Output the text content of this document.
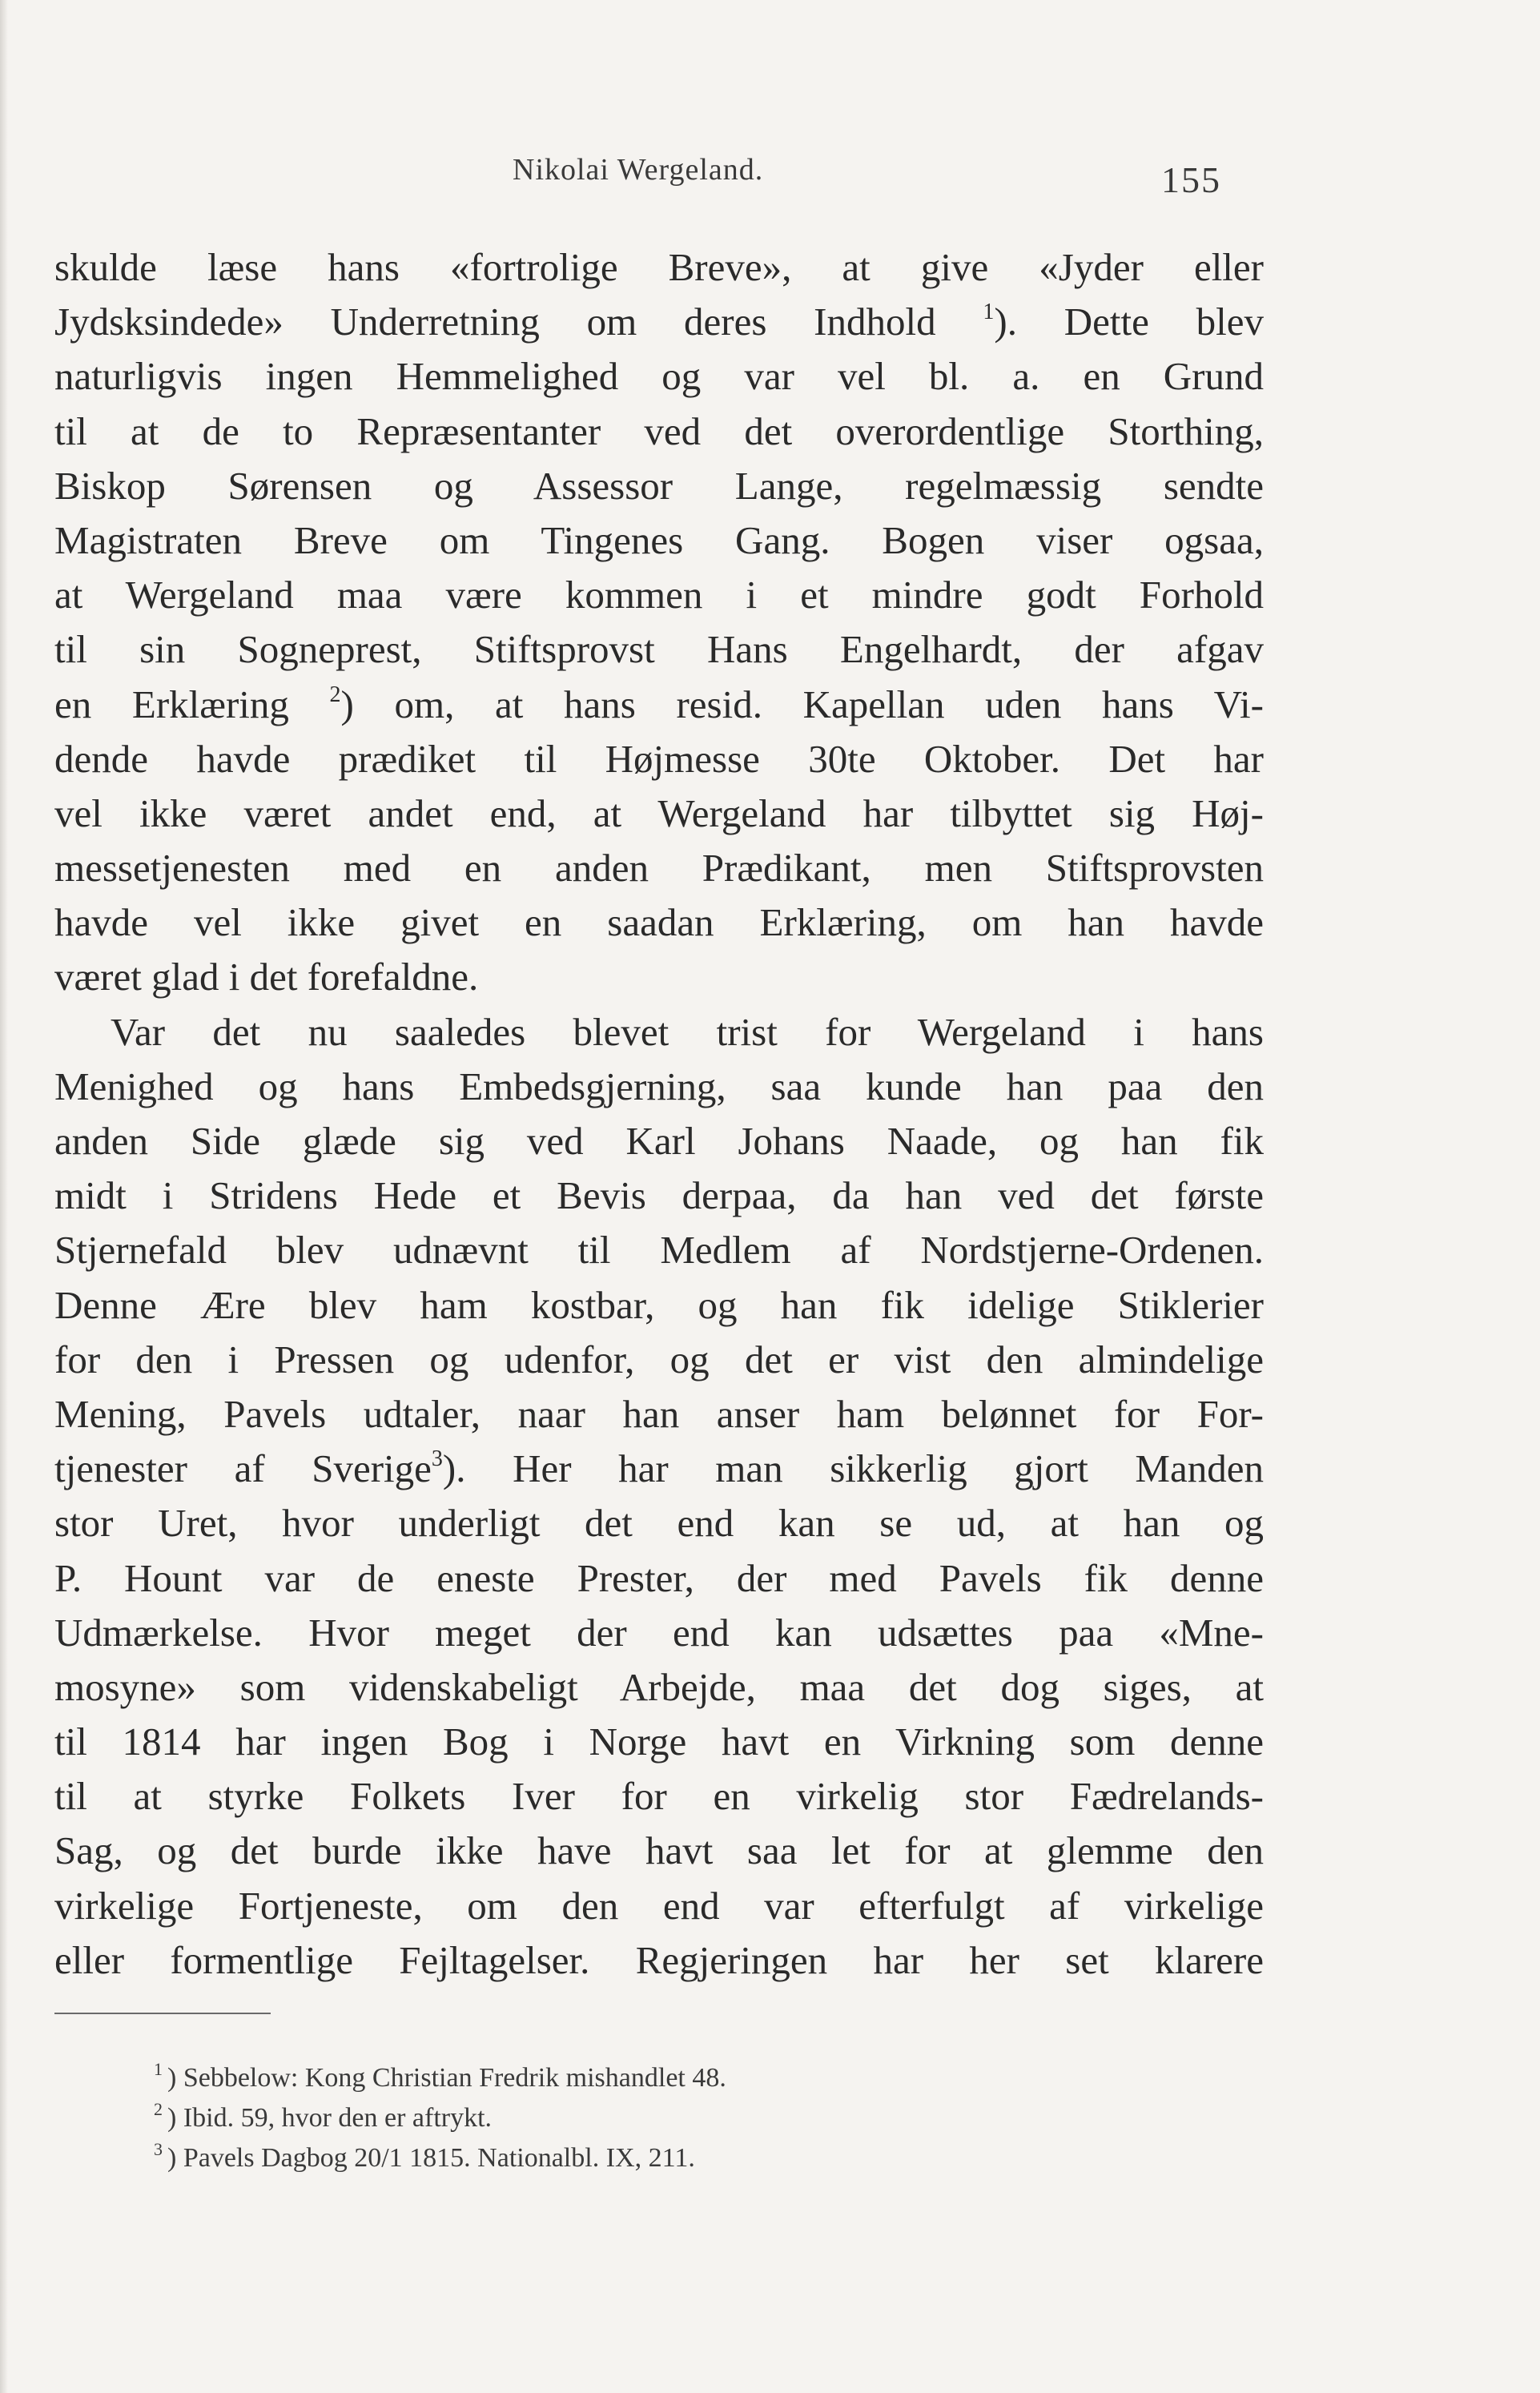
Nikolai Wergeland.	155
skulde læse hans «fortrolige Breve», at give «Jyder eller
Jydsksindede» Underretning om deres Indhold $^1$). Dette blev
naturligvis ingen Hemmelighed og var vel bl. a. en Grund
til at de to Repræsentanter ved det overordentlige Storthing,
Biskop Sørensen og Assessor Lange, regelmæssig sendte
Magistraten Breve om Tingenes Gang. Bogen viser ogsaa,
at Wergeland maa være kommen i et mindre godt Forhold
til sin Sogneprest, Stiftsprovst Hans Engelhardt, der afgav
en Erklæring $^2$) om, at hans resid. Kapellan uden hans Vi-
dende havde prædiket til Højmesse 30te Oktober. Det har
vel ikke været andet end, at Wergeland har tilbyttet sig Høj-
messetjenesten med en anden Prædikant, men Stiftsprovsten
havde vel ikke givet en saadan Erklæring, om han havde
været glad i det forefaldne.
Var det nu saaledes blevet trist for Wergeland i hans
Menighed og hans Embedsgjerning, saa kunde han paa den
anden Side glæde sig ved Karl Johans Naade, og han fik
midt i Stridens Hede et Bevis derpaa, da han ved det første
Stjernefald blev udnævnt til Medlem af Nordstjerne-Ordenen.
Denne Ære blev ham kostbar, og han fik idelige Stiklerier
for den i Pressen og udenfor, og det er vist den almindelige
Mening, Pavels udtaler, naar han anser ham belønnet for For-
tjenester af Sverige$^3$). Her har man sikkerlig gjort Manden
stor Uret, hvor underligt det end kan se ud, at han og
P. Hount var de eneste Prester, der med Pavels fik denne
Udmærkelse. Hvor meget der end kan udsættes paa «Mne-
mosyne» som videnskabeligt Arbejde, maa det dog siges, at
til 1814 har ingen Bog i Norge havt en Virkning som denne
til at styrke Folkets Iver for en virkelig stor Fædrelands-
Sag, og det burde ikke have havt saa let for at glemme den
virkelige Fortjeneste, om den end var efterfulgt af virkelige
eller formentlige Fejltagelser. Regjeringen har her set klarere
$^1$ ) Sebbelow: Kong Christian Fredrik mishandlet 48.
$^2$ ) Ibid. 59, hvor den er aftrykt.
$^3$ ) Pavels Dagbog 20/1 1815. Nationalbl. IX, 211.
